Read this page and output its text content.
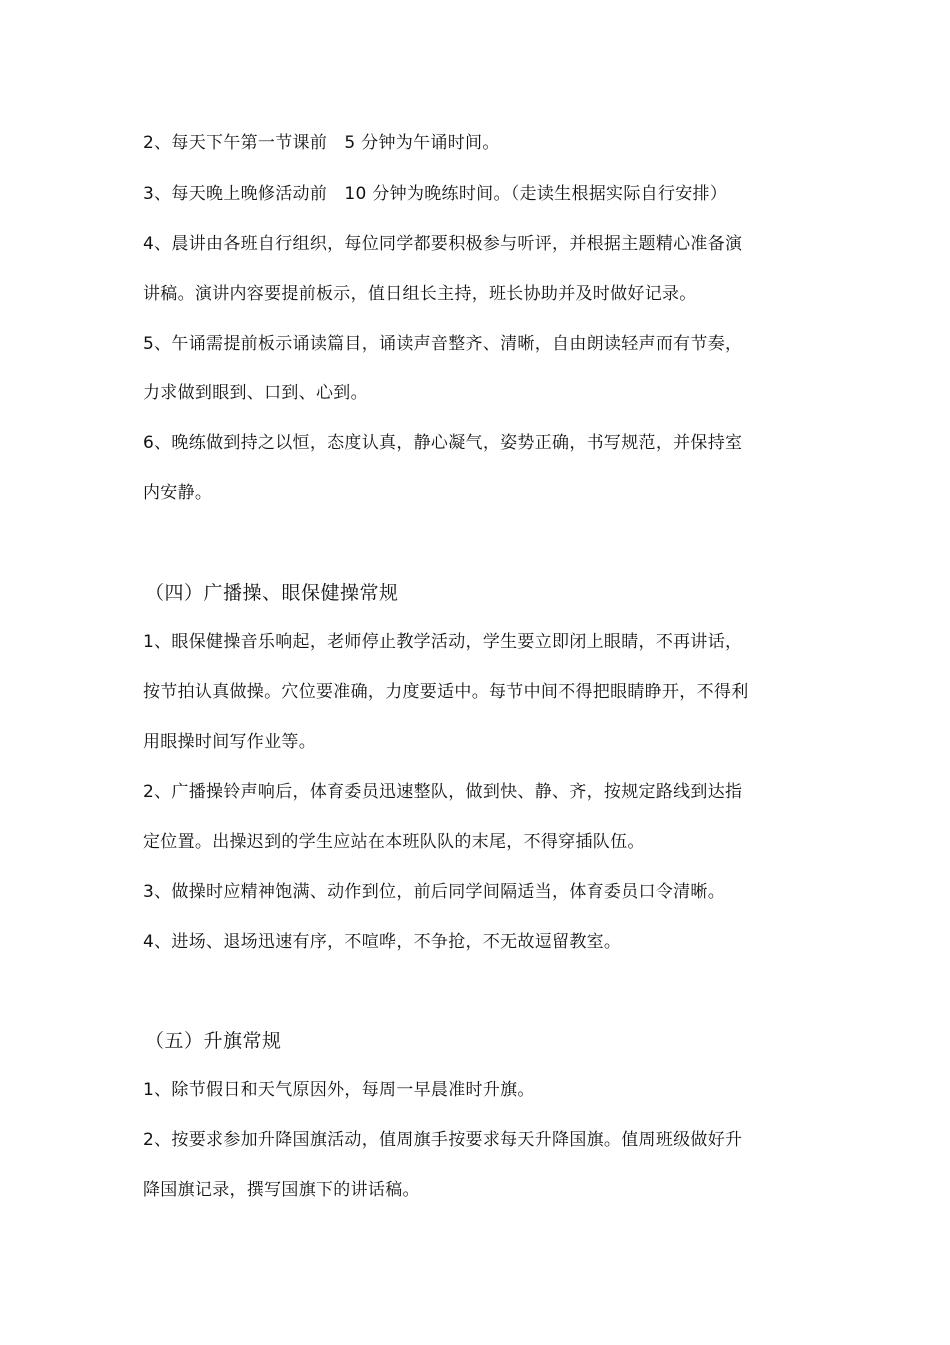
2、每天下午第一节课前　5 分钟为午诵时间。
3、每天晚上晚修活动前　10 分钟为晚练时间。（走读生根据实际自行安排）
4、晨讲由各班自行组织，每位同学都要积极参与听评，并根据主题精心准备演
讲稿。演讲内容要提前板示，值日组长主持，班长协助并及时做好记录。
5、午诵需提前板示诵读篇目，诵读声音整齐、清晰，自由朗读轻声而有节奏，
力求做到眼到、口到、心到。
6、晚练做到持之以恒，态度认真，静心凝气，姿势正确，书写规范，并保持室
内安静。
（四）广播操、眼保健操常规
1、眼保健操音乐响起，老师停止教学活动，学生要立即闭上眼睛，不再讲话，
按节拍认真做操。穴位要准确，力度要适中。每节中间不得把眼睛睁开，不得利
用眼操时间写作业等。
2、广播操铃声响后，体育委员迅速整队，做到快、静、齐，按规定路线到达指
定位置。出操迟到的学生应站在本班队队的末尾，不得穿插队伍。
3、做操时应精神饱满、动作到位，前后同学间隔适当，体育委员口令清晰。
4、进场、退场迅速有序，不喧哗，不争抢，不无故逗留教室。
（五）升旗常规
1、除节假日和天气原因外，每周一早晨准时升旗。
2、按要求参加升降国旗活动，值周旗手按要求每天升降国旗。值周班级做好升
降国旗记录，撰写国旗下的讲话稿。
